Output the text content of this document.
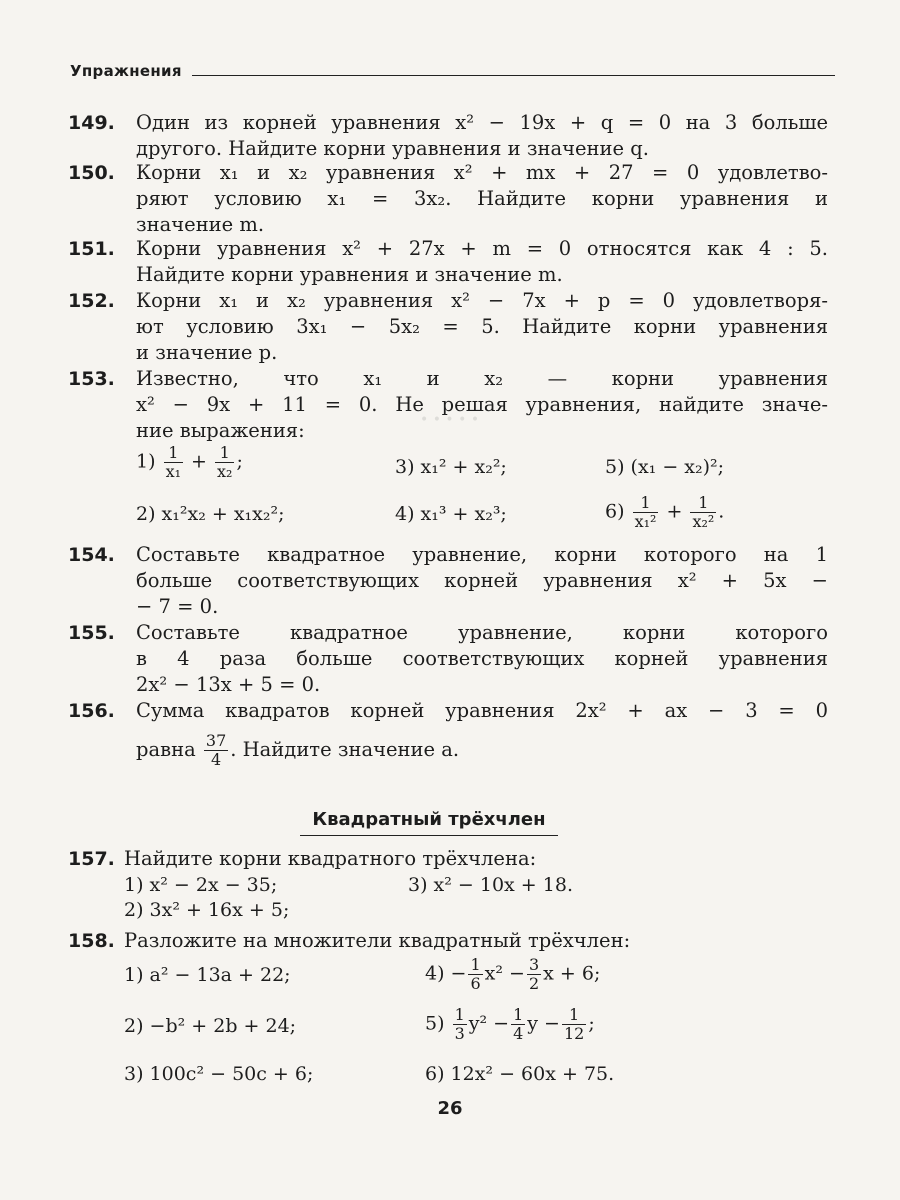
Упражнения
• • • • •
149. Один из корней уравнения x² − 19x + q = 0 на 3 больше
другого. Найдите корни уравнения и значение q.
150. Корни x₁ и x₂ уравнения x² + mx + 27 = 0 удовлетво-
ряют условию x₁ = 3x₂. Найдите корни уравнения и
значение m.
151. Корни уравнения x² + 27x + m = 0 относятся как 4 : 5.
Найдите корни уравнения и значение m.
152. Корни x₁ и x₂ уравнения x² − 7x + p = 0 удовлетворя-
ют условию 3x₁ − 5x₂ = 5. Найдите корни уравнения
и значение p.
153. Известно, что x₁ и x₂ — корни уравнения
x² − 9x + 11 = 0. Не решая уравнения, найдите значе-
ние выражения:
$1) \frac{1}{\text{x₁}} + \frac{1}{\text{x₂}}$ ;	3) x₁² + x₂²;	5) (x₁ − x₂)²;
2) x₁²x₂ + x₁x₂²;	4) x₁³ + x₂³;	$6) \frac{1}{\text{x₁²}} + \frac{1}{\text{x₂²}}$ .
154. Составьте квадратное уравнение, корни которого на 1
больше соответствующих корней уравнения x² + 5x −
− 7 = 0.
155. Составьте квадратное уравнение, корни которого
в 4 раза больше соответствующих корней уравнения
2x² − 13x + 5 = 0.
156. Сумма квадратов корней уравнения 2x² + ax − 3 = 0
равна $\frac{37}{4}$ . Найдите значение a.
Квадратный трёхчлен
157. Найдите корни квадратного трёхчлена:
1) x² − 2x − 35;	3) x² − 10x + 18.
2) 3x² + 16x + 5;
158. Разложите на множители квадратный трёхчлен:
1) a² − 13a + 22;	$4) - \frac{1}{6} x^2 - \frac{3}{2}$ x + 6;
2) −b² + 2b + 24;	$5) \frac{1}{3} y^2 - \frac{1}{4}$ $y - \frac{1}{12}$ ;
3) 100c² − 50c + 6;	6) 12x² − 60x + 75.
26
